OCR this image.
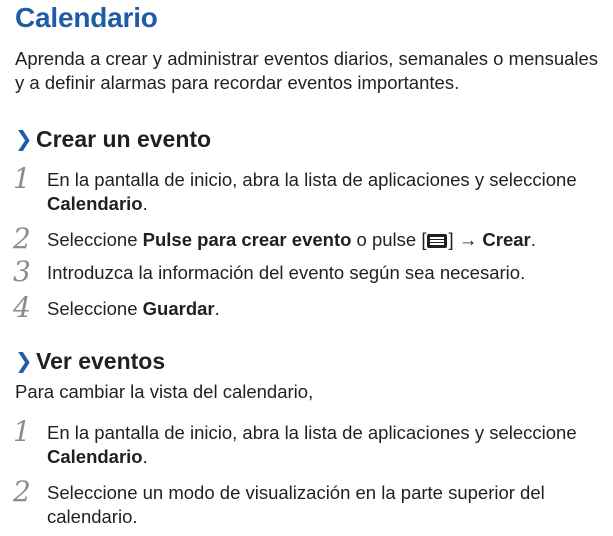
Calendario

Aprenda a crear y administrar eventos diarios, semanales o mensuales y a definir alarmas para recordar eventos importantes.

❯ Crear un evento
1 En la pantalla de inicio, abra la lista de aplicaciones y seleccione
Calendario.

2 Seleccione Pulse para crear evento o pulse [ ] → Crear.

3 Introduzca la información del evento según sea necesario.

4 Seleccione Guardar.

❯ Ver eventos

Para cambiar la vista del calendario,

1 En la pantalla de inicio, abra la lista de aplicaciones y seleccione
Calendario.

2 Seleccione un modo de visualización en la parte superior del calendario.
